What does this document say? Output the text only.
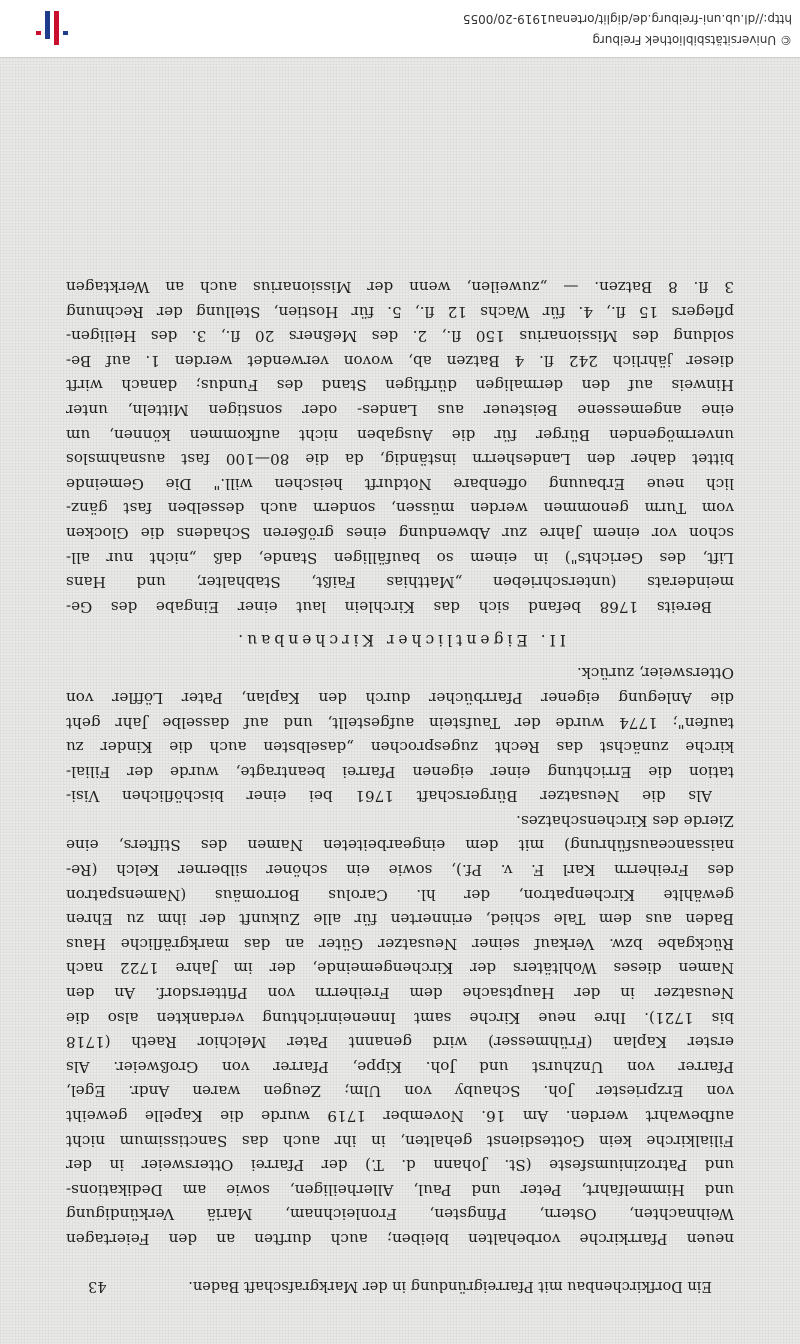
Ein Dorfkirchenbau mit Pfarreigründung in der Markgrafschaft Baden.
43
neuen Pfarrkirche vorbehalten bleiben; auch durften an den Feiertagen
Weihnachten, Ostern, Pfingsten, Fronleichnam, Mariä Verkündigung
und Himmelfahrt, Peter und Paul, Allerheiligen, sowie am Dedikations-
und Patroziniumsfeste (St. Johann d. T.) der Pfarrei Ottersweier in der
Filialkirche kein Gottesdienst gehalten, in ihr auch das Sanctissimum nicht
aufbewahrt werden. Am 16. November 1719 wurde die Kapelle geweiht
von Erzpriester Joh. Schauby von Ulm; Zeugen waren Andr. Egel,
Pfarrer von Unzhurst und Joh. Kippe, Pfarrer von Großweier. Als
erster Kaplan (Frühmesser) wird genannt Pater Melchior Raeth (1718
bis 1721). Ihre neue Kirche samt Inneneinrichtung verdankten also die
Neusatzer in der Hauptsache dem Freiherrn von Pfittersdorf. An den
Namen dieses Wohltäters der Kirchengemeinde, der im Jahre 1722 nach
Rückgabe bzw. Verkauf seiner Neusatzer Güter an das markgräfliche Haus
Baden aus dem Tale schied, erinnerten für alle Zukunft der ihm zu Ehren
gewählte Kirchenpatron, der hl. Carolus Borromäus (Namenspatron
des Freiherrn Karl F. v. Pf.), sowie ein schöner silberner Kelch (Re-
naissanceausführung) mit dem eingearbeiteten Namen des Stifters, eine
Zierde des Kirchenschatzes.
Als die Neusatzer Bürgerschaft 1761 bei einer bischöflichen Visi-
tation die Errichtung einer eigenen Pfarrei beantragte, wurde der Filial-
kirche zunächst das Recht zugesprochen „daselbsten auch die Kinder zu
taufen"; 1774 wurde der Taufstein aufgestellt, und auf dasselbe Jahr geht
die Anlegung eigener Pfarrbücher durch den Kaplan, Pater Löffler von
Ottersweier, zurück.
II. Eigentlicher Kirchenbau.
Bereits 1768 befand sich das Kirchlein laut einer Eingabe des Ge-
meinderats (unterschrieben „Matthias Faißt, Stabhalter, und Hans
Lift, des Gerichts") in einem so baufälligen Stande, daß „nicht nur all-
schon vor einem Jahre zur Abwendung eines größeren Schadens die Glocken
vom Turm genommen werden müssen, sondern auch desselben fast gänz-
lich neue Erbauung offenbare Notdurft heischen will." Die Gemeinde
bittet daher den Landesherrn inständig, da die 80—100 fast ausnahmslos
unvermögenden Bürger für die Ausgaben nicht aufkommen können, um
eine angemessene Beisteuer aus Landes- oder sonstigen Mitteln, unter
Hinweis auf den dermaligen dürftigen Stand des Fundus; danach wirft
dieser jährlich 242 fl. 4 Batzen ab, wovon verwendet werden 1. auf Be-
soldung des Missionarius 150 fl., 2. des Meßners 20 fl., 3. des Heiligen-
pflegers 15 fl., 4. für Wachs 12 fl., 5. für Hostien, Stellung der Rechnung
3 fl. 8 Batzen. — „zuweilen, wenn der Missionarius auch an Werktagen
© Universitätsbibliothek Freiburg
http://dl.ub.uni-freiburg.de/diglit/ortenau1919-20/0055
